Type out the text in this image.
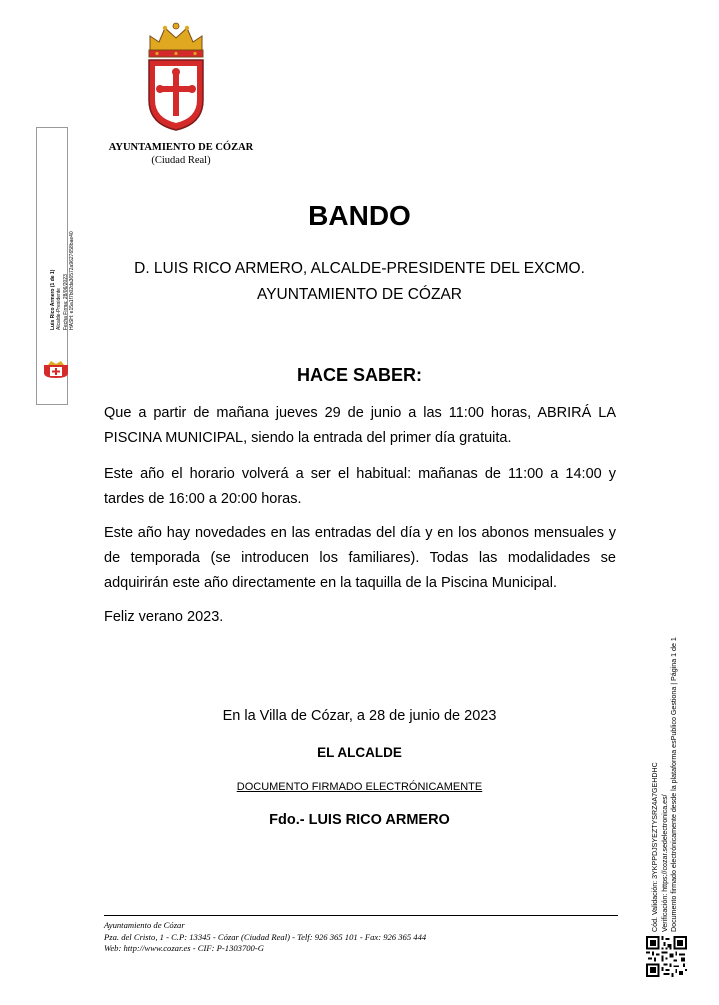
AYUNTAMIENTO DE CÓZAR
(Ciudad Real)
Luis Rico Armero (1 de 1) Alcalde-Presidente Fecha Firma: 28/06/2023 HASH: e15a1f7b02da36572a9627658bae40
BANDO
D. LUIS RICO ARMERO, ALCALDE-PRESIDENTE DEL EXCMO.
AYUNTAMIENTO DE CÓZAR
HACE SABER:
Que a partir de mañana jueves 29 de junio a las 11:00 horas, ABRIRÁ LA PISCINA MUNICIPAL, siendo la entrada del primer día gratuita.
Este año el horario volverá a ser el habitual: mañanas de 11:00 a 14:00 y tardes de 16:00 a 20:00 horas.
Este año hay novedades en las entradas del día y en los abonos mensuales y de temporada (se introducen los familiares). Todas las modalidades se adquirirán este año directamente en la taquilla de la Piscina Municipal.
Feliz verano 2023.
En la Villa de Cózar, a 28 de junio de 2023
EL ALCALDE
DOCUMENTO FIRMADO ELECTRÓNICAMENTE
Fdo.- LUIS RICO ARMERO
Ayuntamiento de Cózar
Pza. del Cristo, 1 - C.P: 13345 - Cózar (Ciudad Real) - Telf: 926 365 101 - Fax: 926 365 444
Web: http://www.cozar.es - CIF: P-1303700-G
Cód. Validación: 3YKPPDJSYEZTYSRZ4A7GEHDHC Verificación: https://cozar.sedelectronica.es/ Documento firmado electrónicamente desde la plataforma esPublico Gestiona | Página 1 de 1
